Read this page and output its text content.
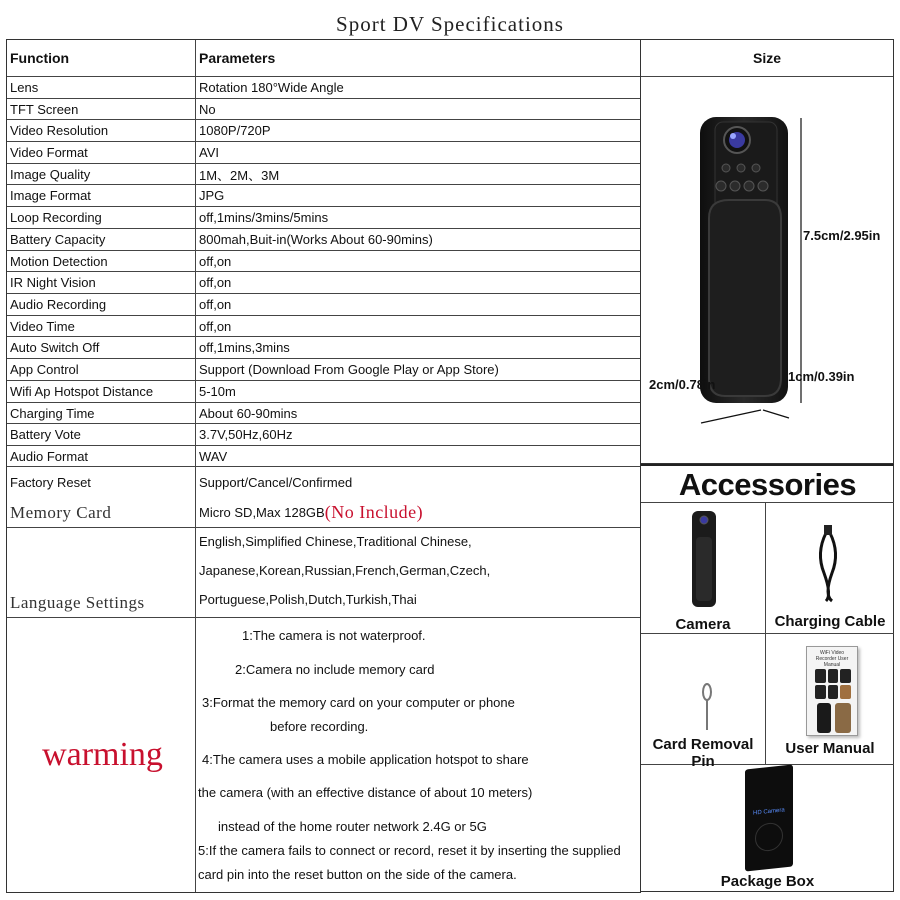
Sport DV Specifications
Function	Parameters
Lens	Rotation 180°Wide Angle
TFT Screen	No
Video Resolution	1080P/720P
Video Format	AVI
Image Quality	1M、2M、3M
Image Format	JPG
Loop Recording	off,1mins/3mins/5mins
Battery Capacity	800mah,Buit-in(Works About 60-90mins)
Motion Detection	off,on
IR Night Vision	off,on
Audio Recording	off,on
Video Time	off,on
Auto Switch Off	off,1mins,3mins
App Control	Support (Download From Google Play or App Store)
Wifi Ap Hotspot Distance	5-10m
Charging Time	About 60-90mins
Battery Vote	3.7V,50Hz,60Hz
Audio Format	WAV
Factory Reset	Support/Cancel/Confirmed
Memory Card	Micro SD,Max 128GB (No Include)
Language Settings
English,Simplified Chinese,Traditional Chinese,
Japanese,Korean,Russian,French,German,Czech,
Portuguese,Polish,Dutch,Turkish,Thai
warming
1:The camera is not waterproof.
2:Camera no include memory card
3:Format the memory card on your computer or phone
before recording.
4:The camera uses a mobile application hotspot to share
the camera (with an effective distance of about 10 meters)
instead of the home router network 2.4G or 5G
5:If the camera fails to connect or record, reset it by inserting the supplied
card pin into the reset button on the side of the camera.
Size
7.5cm/2.95in
2cm/0.78in
1cm/0.39in
Accessories
Camera	Charging Cable
Card Removal Pin
WiFi Video Recorder User Manual
User Manual
HD Camera
Package Box
